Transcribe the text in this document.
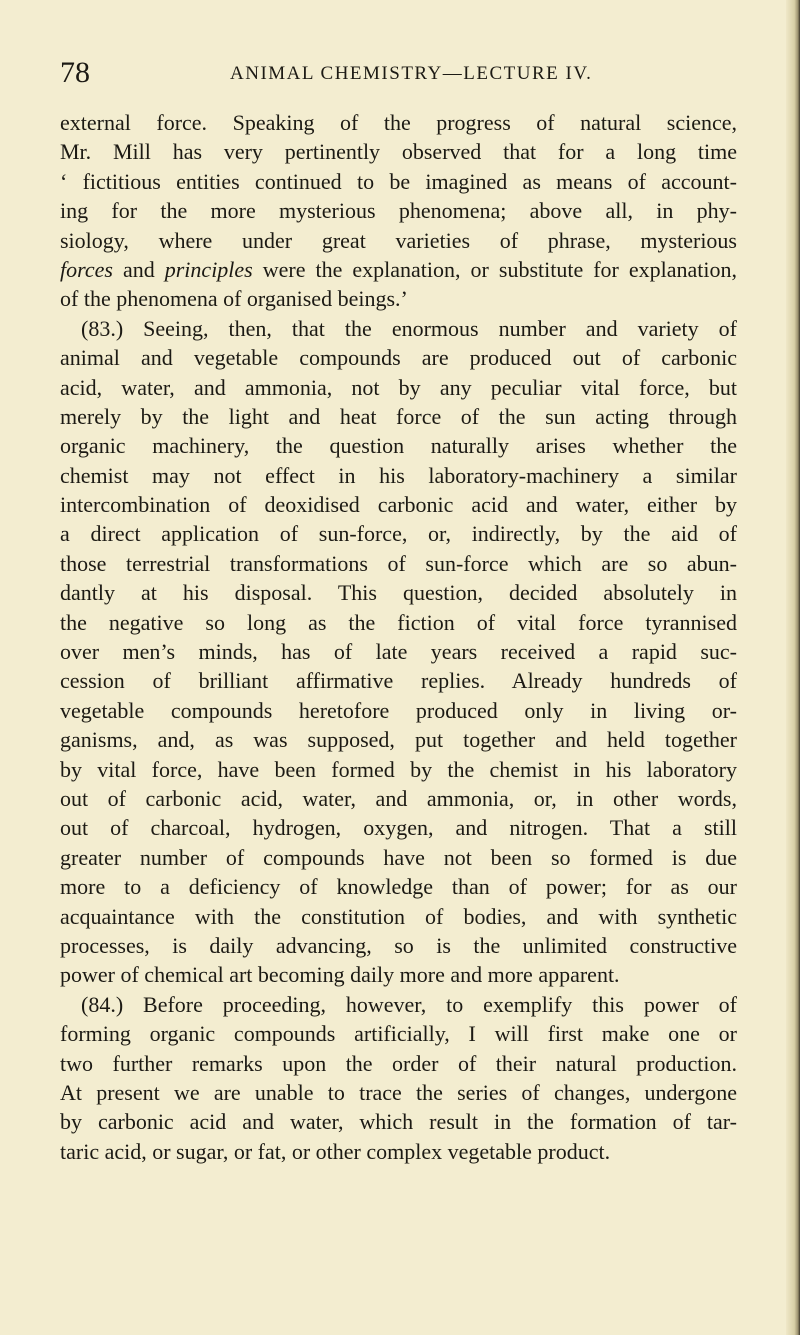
78	ANIMAL CHEMISTRY—LECTURE IV.
external force. Speaking of the progress of natural science,
Mr. Mill has very pertinently observed that for a long time
‘ fictitious entities continued to be imagined as means of account-
ing for the more mysterious phenomena; above all, in phy-
siology, where under great varieties of phrase, mysterious
forces and principles were the explanation, or substitute for explanation,
of the phenomena of organised beings.’
(83.) Seeing, then, that the enormous number and variety of
animal and vegetable compounds are produced out of carbonic
acid, water, and ammonia, not by any peculiar vital force, but
merely by the light and heat force of the sun acting through
organic machinery, the question naturally arises whether the
chemist may not effect in his laboratory-machinery a similar
intercombination of deoxidised carbonic acid and water, either by
a direct application of sun-force, or, indirectly, by the aid of
those terrestrial transformations of sun-force which are so abun-
dantly at his disposal. This question, decided absolutely in
the negative so long as the fiction of vital force tyrannised
over men’s minds, has of late years received a rapid suc-
cession of brilliant affirmative replies. Already hundreds of
vegetable compounds heretofore produced only in living or-
ganisms, and, as was supposed, put together and held together
by vital force, have been formed by the chemist in his laboratory
out of carbonic acid, water, and ammonia, or, in other words,
out of charcoal, hydrogen, oxygen, and nitrogen. That a still
greater number of compounds have not been so formed is due
more to a deficiency of knowledge than of power; for as our
acquaintance with the constitution of bodies, and with synthetic
processes, is daily advancing, so is the unlimited constructive
power of chemical art becoming daily more and more apparent.
(84.) Before proceeding, however, to exemplify this power of
forming organic compounds artificially, I will first make one or
two further remarks upon the order of their natural production.
At present we are unable to trace the series of changes, undergone
by carbonic acid and water, which result in the formation of tar-
taric acid, or sugar, or fat, or other complex vegetable product.
